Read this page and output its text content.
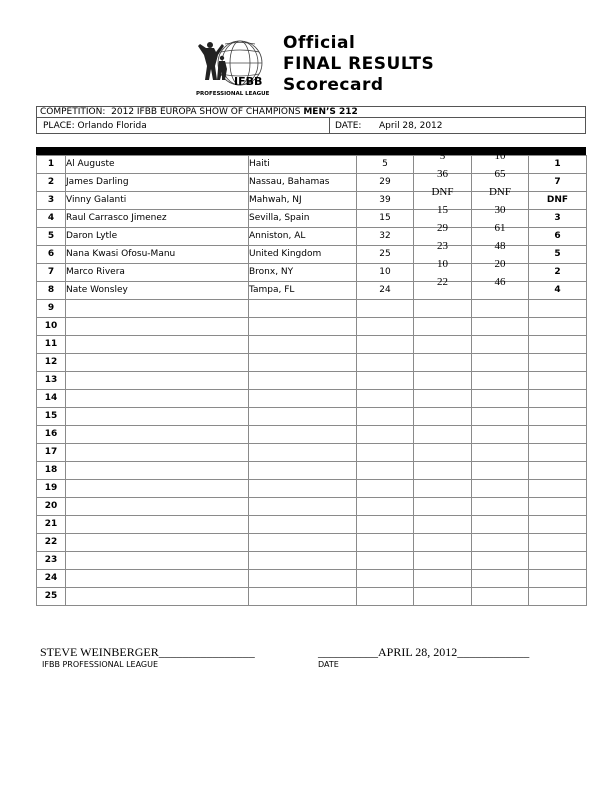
IFBB
PROFESSIONAL LEAGUE
Official
FINAL RESULTS
Scorecard
COMPETITION: 2012 IFBB EUROPA SHOW OF CHAMPIONS MEN’S 212
PLACE: Orlando Florida	DATE: April 28, 2012
1	Al Auguste	Haiti	5	5	10	1
2	James Darling	Nassau, Bahamas	29	36	65	7
3	Vinny Galanti	Mahwah, NJ	39	DNF	DNF	DNF
4	Raul Carrasco Jimenez	Sevilla, Spain	15	15	30	3
5	Daron Lytle	Anniston, AL	32	29	61	6
6	Nana Kwasi Ofosu-Manu	United Kingdom	25	23	48	5
7	Marco Rivera	Bronx, NY	10	10	20	2
8	Nate Wonsley	Tampa, FL	24	22	46	4
9				

10				

11				

12				

13				

14				

15				

16				

17				

18				

19				

20				

21				

22				

23				

24				

25				

STEVE WEINBERGER________________
IFBB PROFESSIONAL LEAGUE
__________APRIL 28, 2012____________
DATE
